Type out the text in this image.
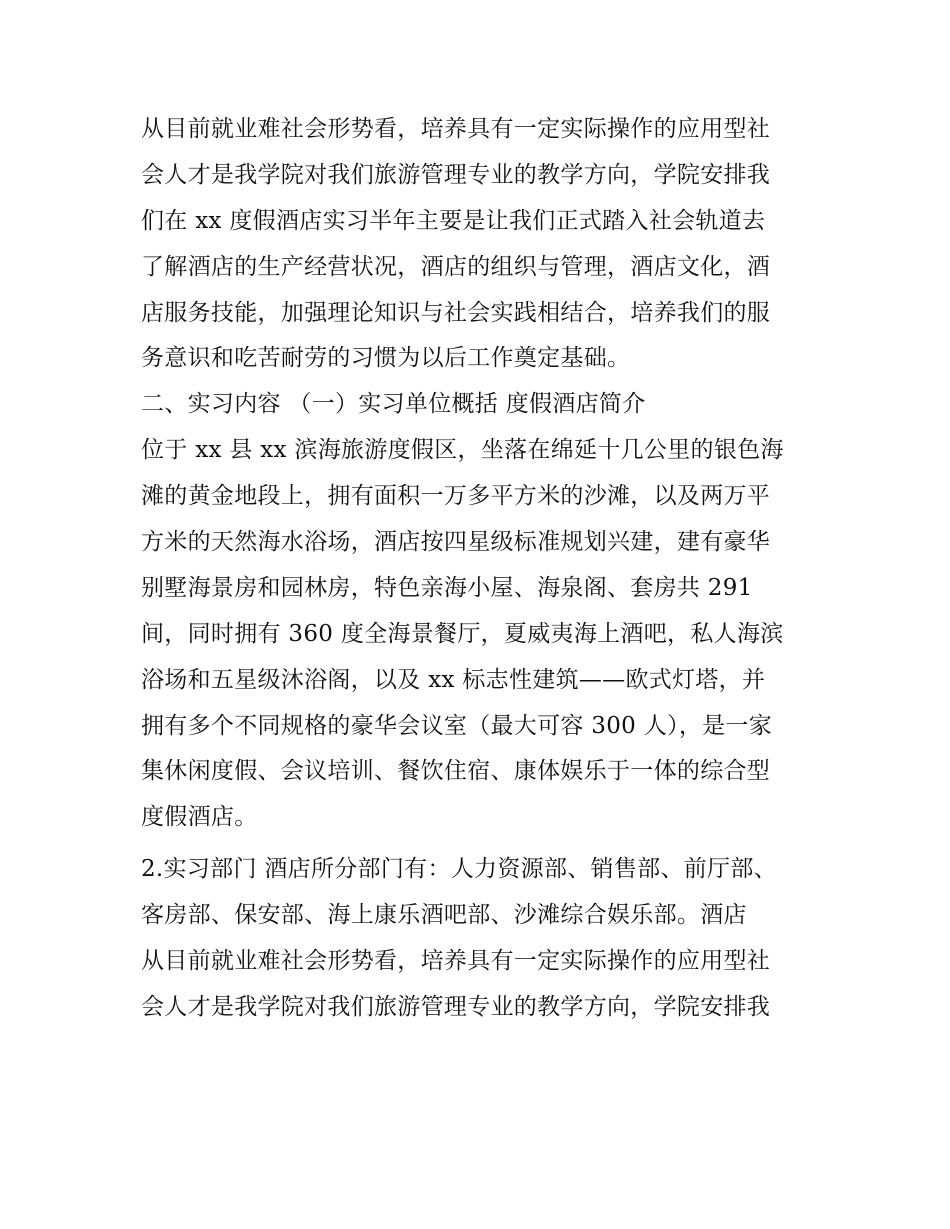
从目前就业难社会形势看，培养具有一定实际操作的应用型社
会人才是我学院对我们旅游管理专业的教学方向，学院安排我
们在 xx 度假酒店实习半年主要是让我们正式踏入社会轨道去
了解酒店的生产经营状况，酒店的组织与管理，酒店文化，酒
店服务技能，加强理论知识与社会实践相结合，培养我们的服
务意识和吃苦耐劳的习惯为以后工作奠定基础。
二、实习内容 （一）实习单位概括 度假酒店简介
位于 xx 县 xx 滨海旅游度假区，坐落在绵延十几公里的银色海
滩的黄金地段上，拥有面积一万多平方米的沙滩，以及两万平
方米的天然海水浴场，酒店按四星级标准规划兴建，建有豪华
别墅海景房和园林房，特色亲海小屋、海泉阁、套房共 291
间，同时拥有 360 度全海景餐厅，夏威夷海上酒吧，私人海滨
浴场和五星级沐浴阁，以及 xx 标志性建筑——欧式灯塔，并
拥有多个不同规格的豪华会议室（最大可容 300 人），是一家
集休闲度假、会议培训、餐饮住宿、康体娱乐于一体的综合型
度假酒店。
2.实习部门 酒店所分部门有：人力资源部、销售部、前厅部、
客房部、保安部、海上康乐酒吧部、沙滩综合娱乐部。酒店
从目前就业难社会形势看，培养具有一定实际操作的应用型社
会人才是我学院对我们旅游管理专业的教学方向，学院安排我
